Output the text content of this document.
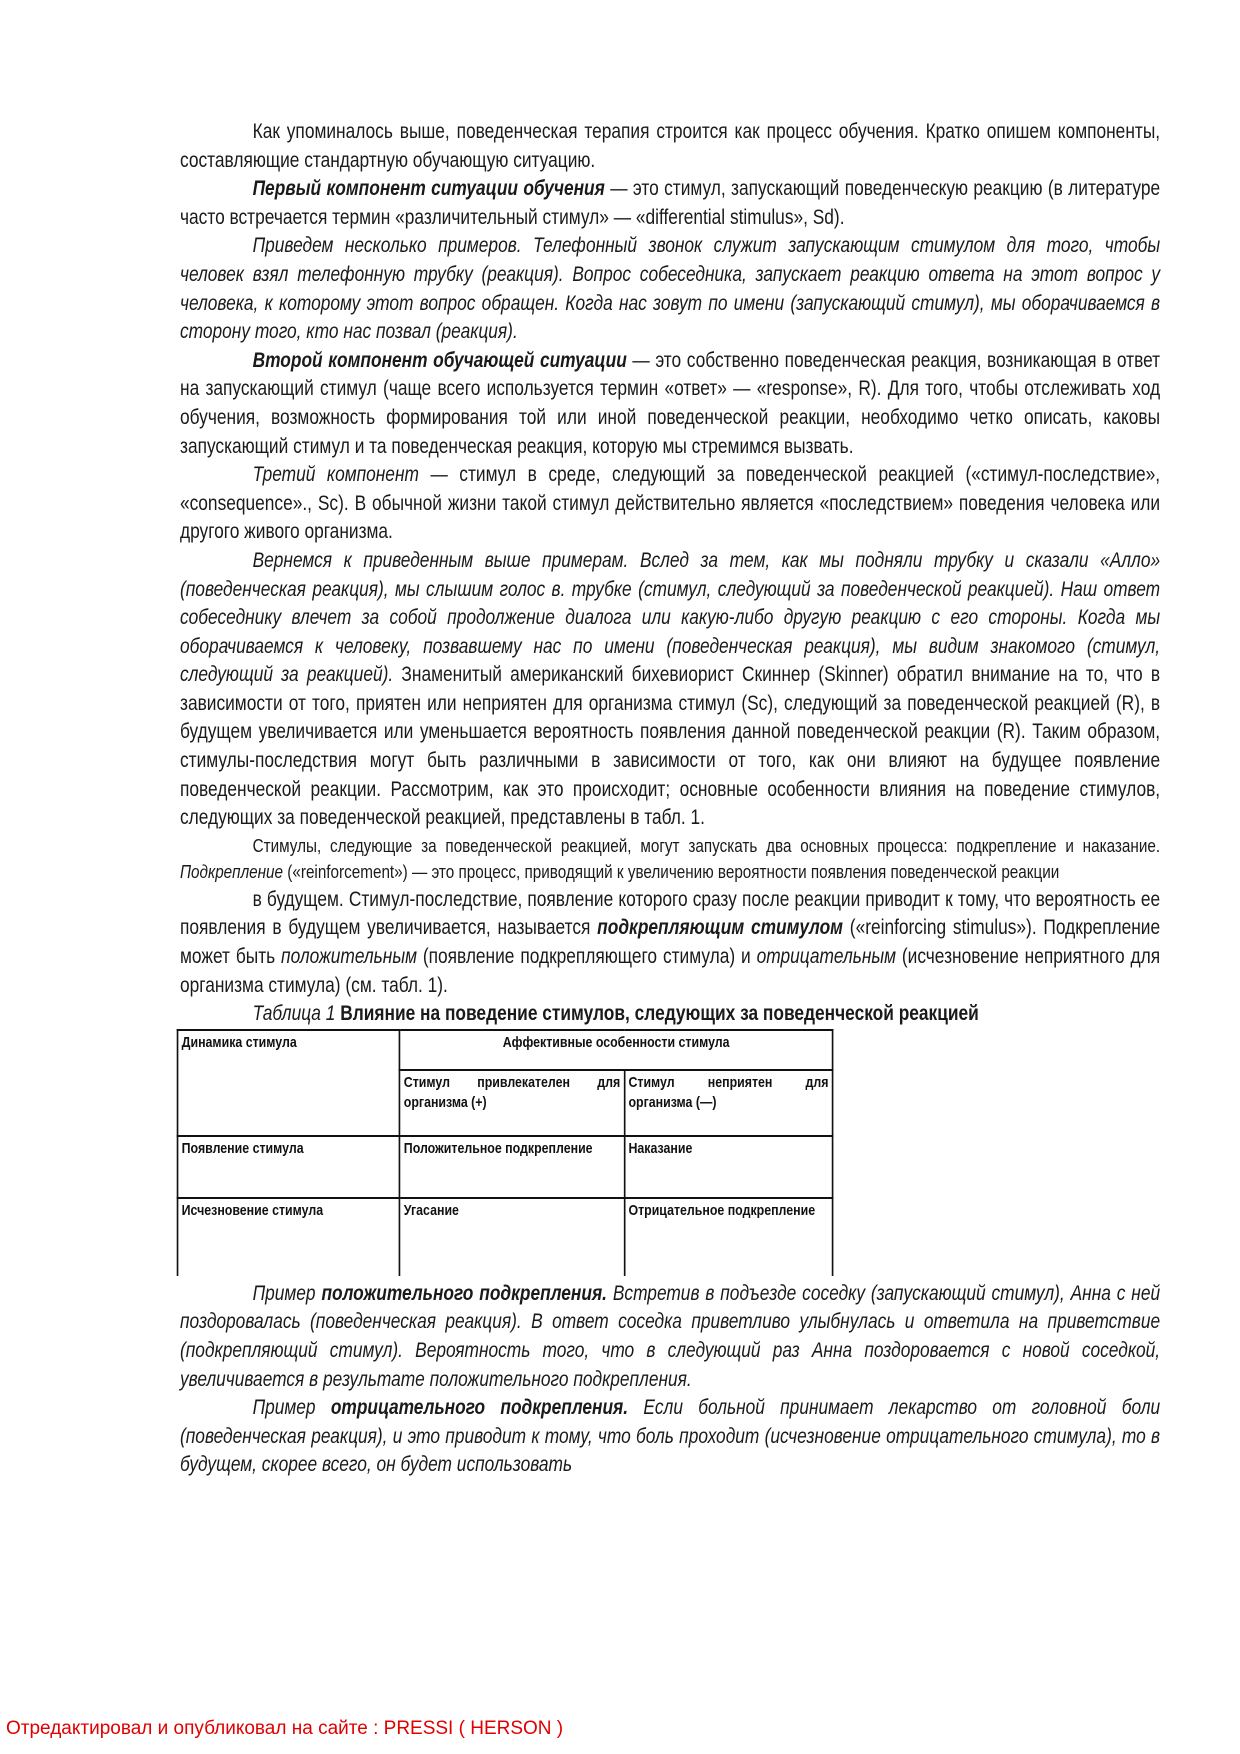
Как упоминалось выше, поведенческая терапия строится как процесс обучения. Кратко опишем компоненты, составляющие стандартную обучающую ситуацию.

Первый компонент ситуации обучения — это стимул, запускающий поведенческую реакцию (в литературе часто встречается термин «различительный стимул» — «differential stimulus», Sd).

Приведем несколько примеров. Телефонный звонок служит запускающим стимулом для того, чтобы человек взял телефонную трубку (реакция). Вопрос собеседника, запускает реакцию ответа на этот вопрос у человека, к которому этот вопрос обращен. Когда нас зовут по имени (запускающий стимул), мы оборачиваемся в сторону того, кто нас позвал (реакция).

Второй компонент обучающей ситуации — это собственно поведенческая реакция, возникающая в ответ на запускающий стимул (чаще всего используется термин «ответ» — «response», R). Для того, чтобы отслеживать ход обучения, возможность формирования той или иной поведенческой реакции, необходимо четко описать, каковы запускающий стимул и та поведенческая реакция, которую мы стремимся вызвать.

Третий компонент — стимул в среде, следующий за поведенческой реакцией («стимул-последствие», «consequence»., Sc). В обычной жизни такой стимул действительно является «последствием» поведения человека или другого живого организма.

Вернемся к приведенным выше примерам. Вслед за тем, как мы подняли трубку и сказали «Алло» (поведенческая реакция), мы слышим голос в. трубке (стимул, следующий за поведенческой реакцией). Наш ответ собеседнику влечет за собой продолжение диалога или какую-либо другую реакцию с его стороны. Когда мы оборачиваемся к человеку, позвавшему нас по имени (поведенческая реакция), мы видим знакомого (стимул, следующий за реакцией). Знаменитый американский бихевиорист Скиннер (Skinner) обратил внимание на то, что в зависимости от того, приятен или неприятен для организма стимул (Sc), следующий за поведенческой реакцией (R), в будущем увеличивается или уменьшается вероятность появления данной поведенческой реакции (R). Таким образом, стимулы-последствия могут быть различными в зависимости от того, как они влияют на будущее появление поведенческой реакции. Рассмотрим, как это происходит; основные особенности влияния на поведение стимулов, следующих за поведенческой реакцией, представлены в табл. 1.

Стимулы, следующие за поведенческой реакцией, могут запускать два основных процесса: подкрепление и наказание. Подкрепление («reinforcement») — это процесс, приводящий к увеличению вероятности появления поведенческой реакции

в будущем. Стимул-последствие, появление которого сразу после реакции приводит к тому, что вероятность ее появления в будущем увеличивается, называется подкрепляющим стимулом («reinforcing stimulus»). Подкрепление может быть положительным (появление подкрепляющего стимула) и отрицательным (исчезновение неприятного для организма стимула) (см. табл. 1).

Таблица 1 Влияние на поведение стимулов, следующих за поведенческой реакцией
Динамика стимула	Аффективные особенности стимула	
	Стимул привлекателен для организма (+)	Стимул неприятен для организма (—)
Появление стимула	Положительное подкрепление	Наказание
Исчезновение стимула	Угасание	Отрицательное подкрепление

Пример положительного подкрепления. Встретив в подъезде соседку (запускающий стимул), Анна с ней поздоровалась (поведенческая реакция). В ответ соседка приветливо улыбнулась и ответила на приветствие (подкрепляющий стимул). Вероятность того, что в следующий раз Анна поздоровается с новой соседкой, увеличивается в результате положительного подкрепления.

Пример отрицательного подкрепления. Если больной принимает лекарство от головной боли (поведенческая реакция), и это приводит к тому, что боль проходит (исчезновение отрицательного стимула), то в будущем, скорее всего, он будет использовать

Отредактировал и опубликовал на сайте : PRESSI ( HERSON )
